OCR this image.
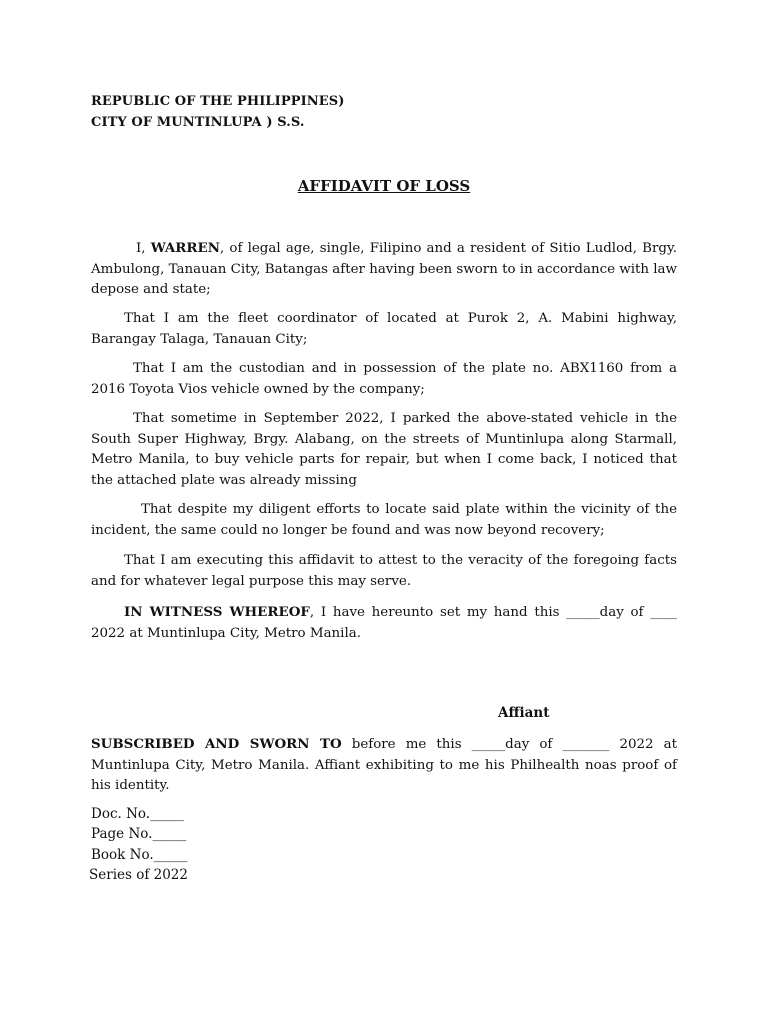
REPUBLIC OF THE PHILIPPINES)
CITY OF MUNTINLUPA ) S.S.
AFFIDAVIT OF LOSS
I, WARREN, of legal age, single, Filipino and a resident of Sitio Ludlod, Brgy. Ambulong, Tanauan City, Batangas after having been sworn to in accordance with law depose and state;
That I am the fleet coordinator of located at Purok 2, A. Mabini highway, Barangay Talaga, Tanauan City;
That I am the custodian and in possession of the plate no. ABX1160 from a 2016 Toyota Vios vehicle owned by the company;
That sometime in September 2022, I parked the above-stated vehicle in the South Super Highway, Brgy. Alabang, on the streets of Muntinlupa along Starmall, Metro Manila, to buy vehicle parts for repair, but when I come back, I noticed that the attached plate was already missing
That despite my diligent efforts to locate said plate within the vicinity of the incident, the same could no longer be found and was now beyond recovery;
That I am executing this affidavit to attest to the veracity of the foregoing facts and for whatever legal purpose this may serve.
IN WITNESS WHEREOF, I have hereunto set my hand this _____day of ____ 2022 at Muntinlupa City, Metro Manila.
Affiant
SUBSCRIBED AND SWORN TO before me this _____day of _______ 2022 at Muntinlupa City, Metro Manila. Affiant exhibiting to me his Philhealth noas proof of his identity.
Doc. No._____
Page No._____
Book No._____
Series of 2022
